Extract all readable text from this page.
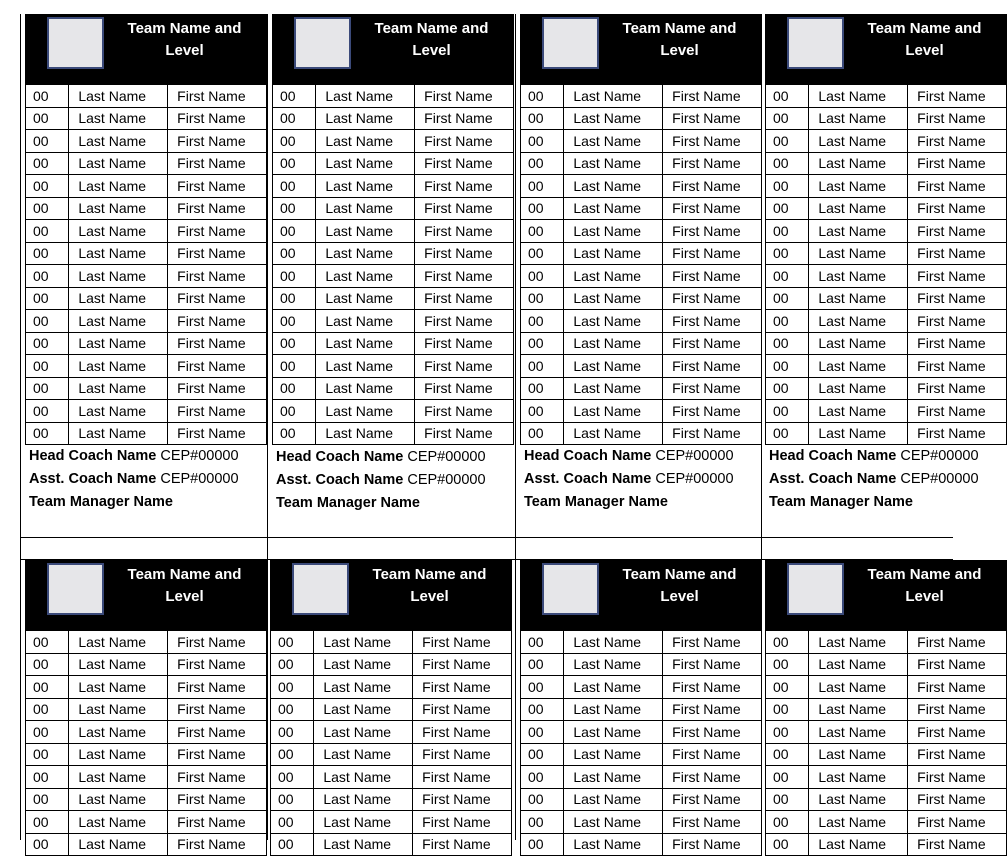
Team Name and Level
00	Last Name	First Name
00	Last Name	First Name
00	Last Name	First Name
00	Last Name	First Name
00	Last Name	First Name
00	Last Name	First Name
00	Last Name	First Name
00	Last Name	First Name
00	Last Name	First Name
00	Last Name	First Name
00	Last Name	First Name
00	Last Name	First Name
00	Last Name	First Name
00	Last Name	First Name
00	Last Name	First Name
00	Last Name	First Name
Head Coach Name CEP#00000
Asst. Coach Name CEP#00000
Team Manager Name
Team Name and Level
00	Last Name	First Name
00	Last Name	First Name
00	Last Name	First Name
00	Last Name	First Name
00	Last Name	First Name
00	Last Name	First Name
00	Last Name	First Name
00	Last Name	First Name
00	Last Name	First Name
00	Last Name	First Name
00	Last Name	First Name
00	Last Name	First Name
00	Last Name	First Name
00	Last Name	First Name
00	Last Name	First Name
00	Last Name	First Name
Head Coach Name CEP#00000
Asst. Coach Name CEP#00000
Team Manager Name
Team Name and Level
00	Last Name	First Name
00	Last Name	First Name
00	Last Name	First Name
00	Last Name	First Name
00	Last Name	First Name
00	Last Name	First Name
00	Last Name	First Name
00	Last Name	First Name
00	Last Name	First Name
00	Last Name	First Name
00	Last Name	First Name
00	Last Name	First Name
00	Last Name	First Name
00	Last Name	First Name
00	Last Name	First Name
00	Last Name	First Name
Head Coach Name CEP#00000
Asst. Coach Name CEP#00000
Team Manager Name
Team Name and Level
00	Last Name	First Name
00	Last Name	First Name
00	Last Name	First Name
00	Last Name	First Name
00	Last Name	First Name
00	Last Name	First Name
00	Last Name	First Name
00	Last Name	First Name
00	Last Name	First Name
00	Last Name	First Name
00	Last Name	First Name
00	Last Name	First Name
00	Last Name	First Name
00	Last Name	First Name
00	Last Name	First Name
00	Last Name	First Name
Head Coach Name CEP#00000
Asst. Coach Name CEP#00000
Team Manager Name
Team Name and Level
00	Last Name	First Name
00	Last Name	First Name
00	Last Name	First Name
00	Last Name	First Name
00	Last Name	First Name
00	Last Name	First Name
00	Last Name	First Name
00	Last Name	First Name
00	Last Name	First Name
00	Last Name	First Name
Team Name and Level
00	Last Name	First Name
00	Last Name	First Name
00	Last Name	First Name
00	Last Name	First Name
00	Last Name	First Name
00	Last Name	First Name
00	Last Name	First Name
00	Last Name	First Name
00	Last Name	First Name
00	Last Name	First Name
Team Name and Level
00	Last Name	First Name
00	Last Name	First Name
00	Last Name	First Name
00	Last Name	First Name
00	Last Name	First Name
00	Last Name	First Name
00	Last Name	First Name
00	Last Name	First Name
00	Last Name	First Name
00	Last Name	First Name
Team Name and Level
00	Last Name	First Name
00	Last Name	First Name
00	Last Name	First Name
00	Last Name	First Name
00	Last Name	First Name
00	Last Name	First Name
00	Last Name	First Name
00	Last Name	First Name
00	Last Name	First Name
00	Last Name	First Name
